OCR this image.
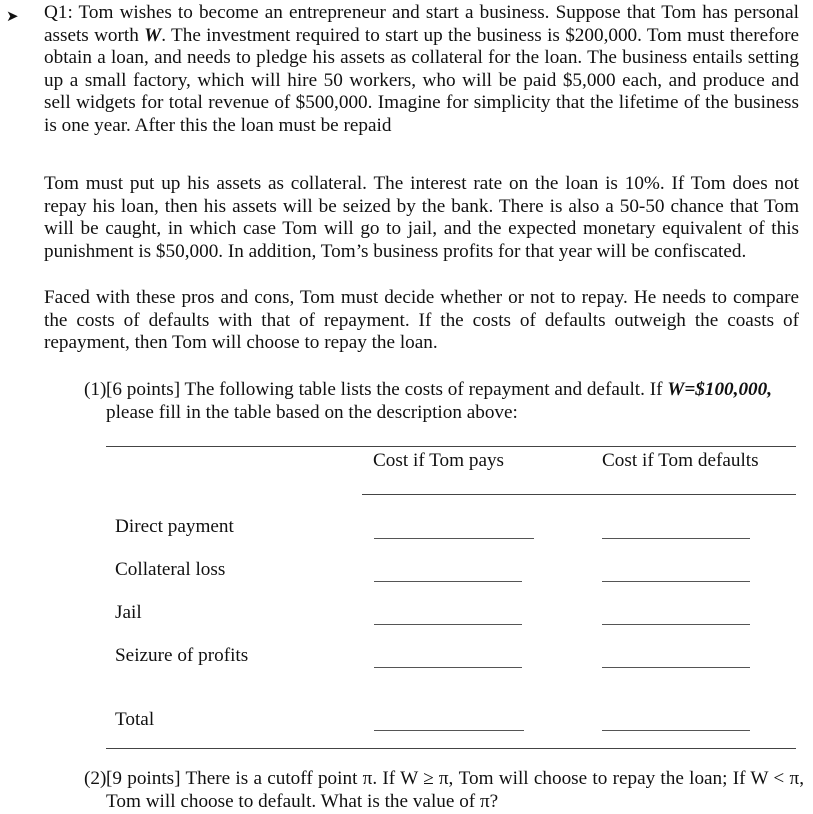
➤ Q1: Tom wishes to become an entrepreneur and start a business. Suppose that Tom has personal assets worth W. The investment required to start up the business is $200,000. Tom must therefore obtain a loan, and needs to pledge his assets as collateral for the loan. The business entails setting up a small factory, which will hire 50 workers, who will be paid $5,000 each, and produce and sell widgets for total revenue of $500,000. Imagine for simplicity that the lifetime of the business is one year. After this the loan must be repaid

Tom must put up his assets as collateral. The interest rate on the loan is 10%. If Tom does not repay his loan, then his assets will be seized by the bank. There is also a 50-50 chance that Tom will be caught, in which case Tom will go to jail, and the expected monetary equivalent of this punishment is $50,000. In addition, Tom’s business profits for that year will be confiscated.

Faced with these pros and cons, Tom must decide whether or not to repay. He needs to compare the costs of defaults with that of repayment. If the costs of defaults outweigh the coasts of repayment, then Tom will choose to repay the loan.

(1) [6 points] The following table lists the costs of repayment and default. If W=$100,000, please fill in the table based on the description above:

Cost if Tom pays	Cost if Tom defaults
Direct payment
Collateral loss
Jail
Seizure of profits
Total

(2) [9 points] There is a cutoff point π. If W ≥ π, Tom will choose to repay the loan; If W < π, Tom will choose to default. What is the value of π?
